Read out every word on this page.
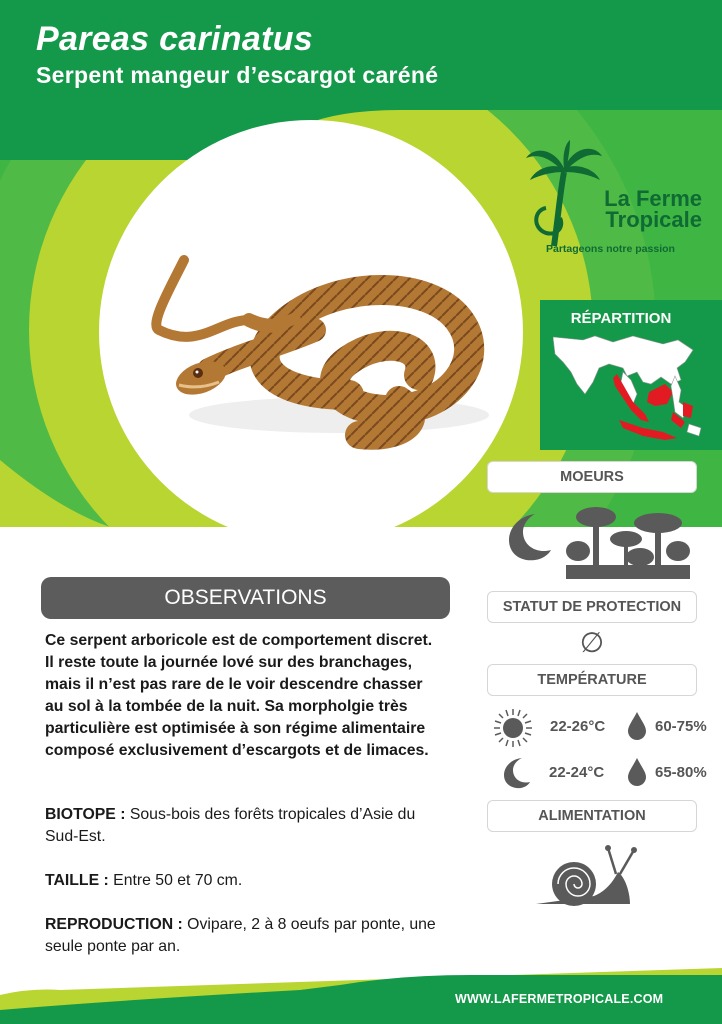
Pareas carinatus
Serpent mangeur d’escargot caréné
La Ferme
Tropicale
Partageons notre passion
RÉPARTITION
MOEURS
STATUT DE PROTECTION
∅
TEMPÉRATURE
22-26°C	60-75%
22-24°C	65-80%
ALIMENTATION
OBSERVATIONS

Ce serpent arboricole est de comportement discret. Il reste toute la journée lové sur des branchages, mais il n’est pas rare de le voir descendre chasser au sol à la tombée de la nuit. Sa morpholgie très particulière est optimisée à son régime alimentaire composé exclusivement d’escargots et de limaces.

BIOTOPE : Sous-bois des forêts tropicales d’Asie du Sud-Est.

TAILLE : Entre 50 et 70 cm.

REPRODUCTION : Ovipare, 2 à 8 oeufs par ponte, une seule ponte par an.

WWW.LAFERMETROPICALE.COM
